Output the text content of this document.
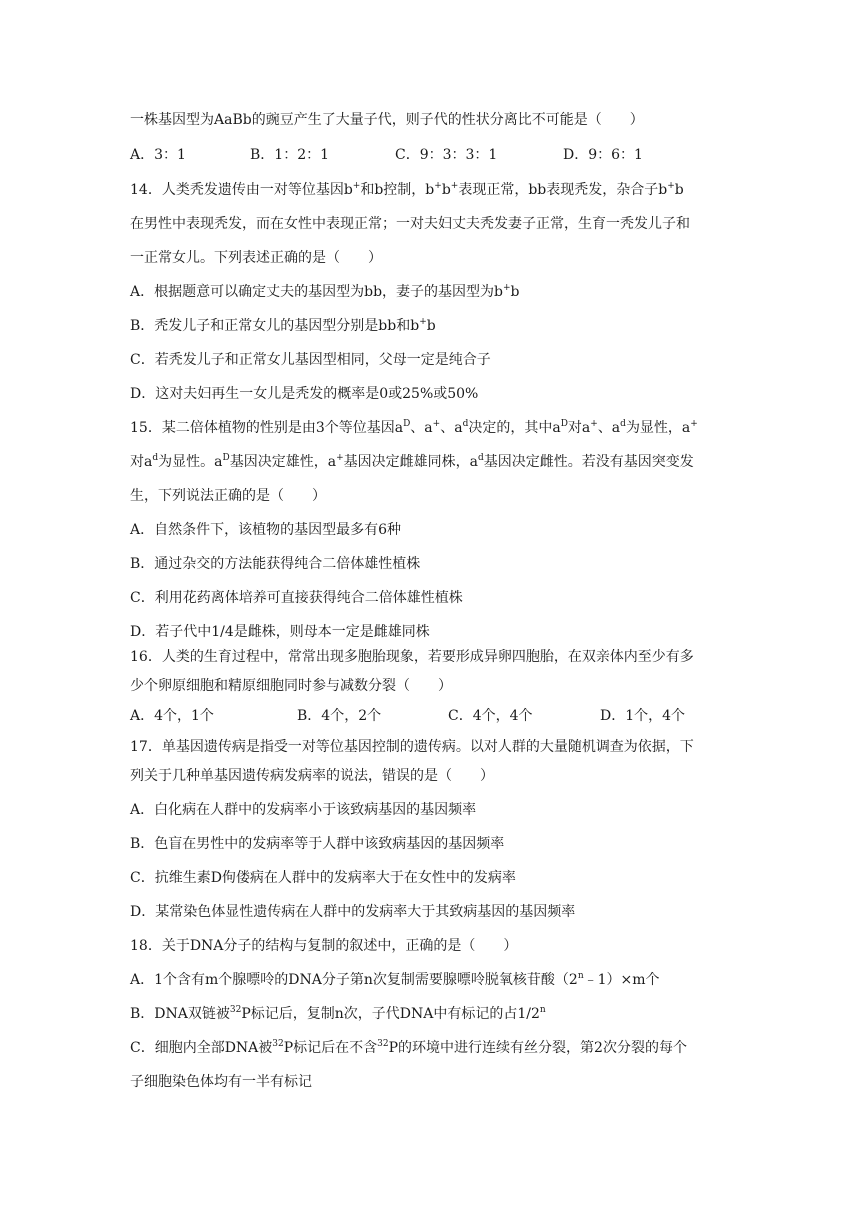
一株基因型为AaBb的豌豆产生了大量子代，则子代的性状分离比不可能是（　　）
A．3：1	B．1：2：1	C．9：3：3：1	D．9：6：1
14．人类秃发遗传由一对等位基因b+和b控制，b+b+表现正常，bb表现秃发，杂合子b+b
在男性中表现秃发，而在女性中表现正常；一对夫妇丈夫秃发妻子正常，生育一秃发儿子和
一正常女儿。下列表述正确的是（　　）
A．根据题意可以确定丈夫的基因型为bb，妻子的基因型为b+b
B．秃发儿子和正常女儿的基因型分别是bb和b+b
C．若秃发儿子和正常女儿基因型相同，父母一定是纯合子
D．这对夫妇再生一女儿是秃发的概率是0或25%或50%
15．某二倍体植物的性别是由3个等位基因$a^D$、a+、$a^d$决定的，其中$a^D$对a+、$a^d$为显性，a+
对$a^d$为显性。$a^D$基因决定雄性，a+基因决定雌雄同株，$a^d$基因决定雌性。若没有基因突变发
生，下列说法正确的是（　　）
A．自然条件下，该植物的基因型最多有6种
B．通过杂交的方法能获得纯合二倍体雄性植株
C．利用花药离体培养可直接获得纯合二倍体雄性植株
D．若子代中1/4是雌株，则母本一定是雌雄同株
16．人类的生育过程中，常常出现多胞胎现象，若要形成异卵四胞胎，在双亲体内至少有多
少个卵原细胞和精原细胞同时参与减数分裂（　　）
A．4个，1个	B．4个，2个	C．4个，4个	D．1个，4个
17．单基因遗传病是指受一对等位基因控制的遗传病。以对人群的大量随机调查为依据，下
列关于几种单基因遗传病发病率的说法，错误的是（　　）
A．白化病在人群中的发病率小于该致病基因的基因频率
B．色盲在男性中的发病率等于人群中该致病基因的基因频率
C．抗维生素D佝偻病在人群中的发病率大于在女性中的发病率
D．某常染色体显性遗传病在人群中的发病率大于其致病基因的基因频率
18．关于DNA分子的结构与复制的叙述中，正确的是（　　）
A．1个含有m个腺嘌呤的DNA分子第n次复制需要腺嘌呤脱氧核苷酸$(2^n﹣1)\times m$个
B．DNA双链被$^{32}$P标记后，复制n次，子代DNA中有标记的占1/2$^n$
C．细胞内全部DNA被$^{32}$P标记后在不含$^{32}$P的环境中进行连续有丝分裂，第2次分裂的每个
子细胞染色体均有一半有标记
